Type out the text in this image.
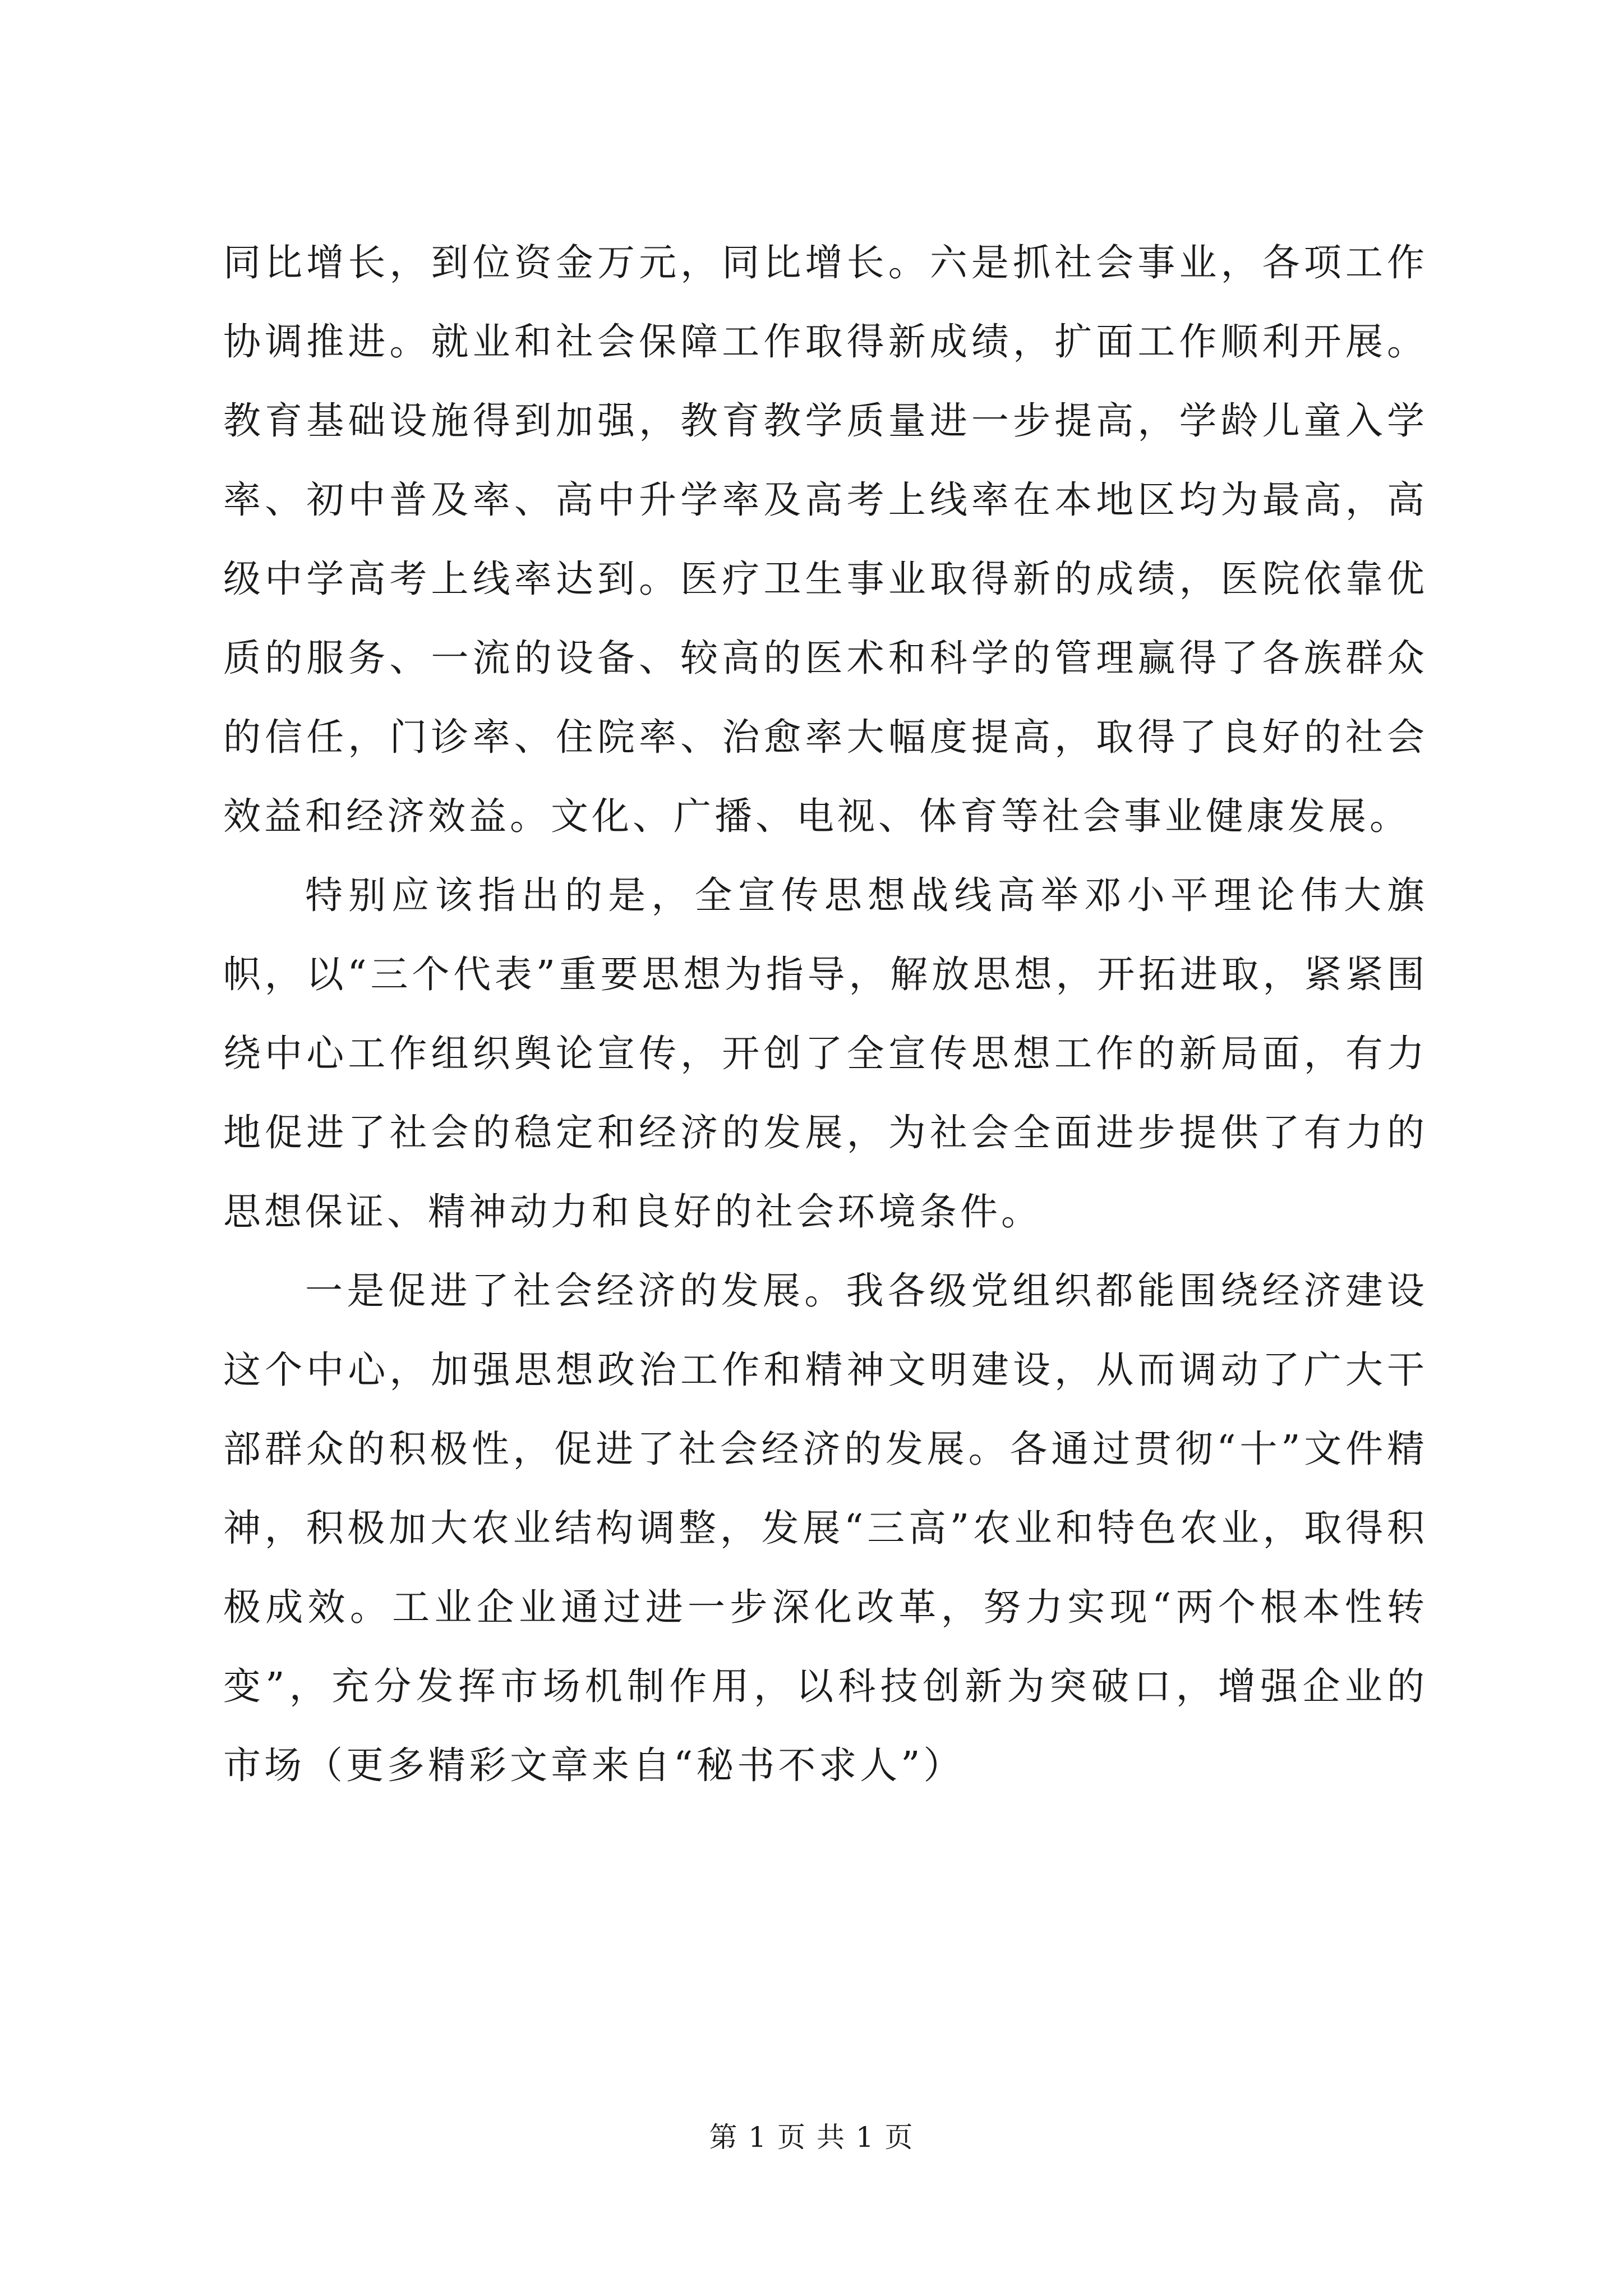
同比增长，到位资金万元，同比增长。六是抓社会事业，各项工作协调推进。就业和社会保障工作取得新成绩，扩面工作顺利开展。教育基础设施得到加强，教育教学质量进一步提高，学龄儿童入学率、初中普及率、高中升学率及高考上线率在本地区均为最高，高级中学高考上线率达到。医疗卫生事业取得新的成绩，医院依靠优质的服务、一流的设备、较高的医术和科学的管理赢得了各族群众的信任，门诊率、住院率、治愈率大幅度提高，取得了良好的社会效益和经济效益。文化、广播、电视、体育等社会事业健康发展。

特别应该指出的是，全宣传思想战线高举邓小平理论伟大旗帜，以“三个代表”重要思想为指导，解放思想，开拓进取，紧紧围绕中心工作组织舆论宣传，开创了全宣传思想工作的新局面，有力地促进了社会的稳定和经济的发展，为社会全面进步提供了有力的思想保证、精神动力和良好的社会环境条件。

一是促进了社会经济的发展。我各级党组织都能围绕经济建设这个中心，加强思想政治工作和精神文明建设，从而调动了广大干部群众的积极性，促进了社会经济的发展。各通过贯彻“十”文件精神，积极加大农业结构调整，发展“三高”农业和特色农业，取得积极成效。工业企业通过进一步深化改革，努力实现“两个根本性转变”，充分发挥市场机制作用，以科技创新为突破口，增强企业的市场（更多精彩文章来自“秘书不求人”）

第 1 页 共 1 页
